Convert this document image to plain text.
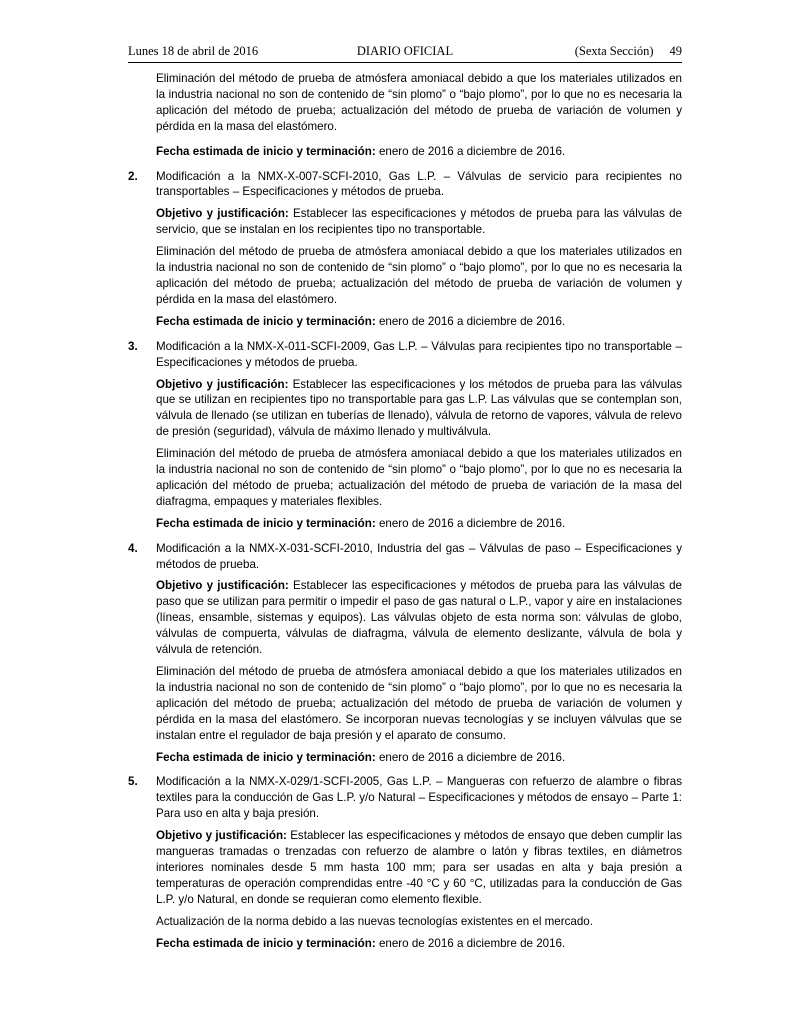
Lunes 18 de abril de 2016	DIARIO OFICIAL	(Sexta Sección) 49

Eliminación del método de prueba de atmósfera amoniacal debido a que los materiales utilizados en la industria nacional no son de contenido de “sin plomo” o “bajo plomo”, por lo que no es necesaria la aplicación del método de prueba; actualización del método de prueba de variación de volumen y pérdida en la masa del elastómero.

Fecha estimada de inicio y terminación: enero de 2016 a diciembre de 2016.

2. Modificación a la NMX-X-007-SCFI-2010, Gas L.P. – Válvulas de servicio para recipientes no transportables – Especificaciones y métodos de prueba.

Objetivo y justificación: Establecer las especificaciones y métodos de prueba para las válvulas de servicio, que se instalan en los recipientes tipo no transportable.

Eliminación del método de prueba de atmósfera amoniacal debido a que los materiales utilizados en la industria nacional no son de contenido de “sin plomo” o “bajo plomo”, por lo que no es necesaria la aplicación del método de prueba; actualización del método de prueba de variación de volumen y pérdida en la masa del elastómero.

Fecha estimada de inicio y terminación: enero de 2016 a diciembre de 2016.

3. Modificación a la NMX-X-011-SCFI-2009, Gas L.P. – Válvulas para recipientes tipo no transportable – Especificaciones y métodos de prueba.

Objetivo y justificación: Establecer las especificaciones y los métodos de prueba para las válvulas que se utilizan en recipientes tipo no transportable para gas L.P. Las válvulas que se contemplan son, válvula de llenado (se utilizan en tuberías de llenado), válvula de retorno de vapores, válvula de relevo de presión (seguridad), válvula de máximo llenado y multiválvula.

Eliminación del método de prueba de atmósfera amoniacal debido a que los materiales utilizados en la industria nacional no son de contenido de “sin plomo” o “bajo plomo”, por lo que no es necesaria la aplicación del método de prueba; actualización del método de prueba de variación de la masa del diafragma, empaques y materiales flexibles.

Fecha estimada de inicio y terminación: enero de 2016 a diciembre de 2016.

4. Modificación a la NMX-X-031-SCFI-2010, Industria del gas – Válvulas de paso – Especificaciones y métodos de prueba.

Objetivo y justificación: Establecer las especificaciones y métodos de prueba para las válvulas de paso que se utilizan para permitir o impedir el paso de gas natural o L.P., vapor y aire en instalaciones (líneas, ensamble, sistemas y equipos). Las válvulas objeto de esta norma son: válvulas de globo, válvulas de compuerta, válvulas de diafragma, válvula de elemento deslizante, válvula de bola y válvula de retención.

Eliminación del método de prueba de atmósfera amoniacal debido a que los materiales utilizados en la industria nacional no son de contenido de “sin plomo” o “bajo plomo”, por lo que no es necesaria la aplicación del método de prueba; actualización del método de prueba de variación de volumen y pérdida en la masa del elastómero. Se incorporan nuevas tecnologías y se incluyen válvulas que se instalan entre el regulador de baja presión y el aparato de consumo.

Fecha estimada de inicio y terminación: enero de 2016 a diciembre de 2016.

5. Modificación a la NMX-X-029/1-SCFI-2005, Gas L.P. – Mangueras con refuerzo de alambre o fibras textiles para la conducción de Gas L.P. y/o Natural – Especificaciones y métodos de ensayo – Parte 1: Para uso en alta y baja presión.

Objetivo y justificación: Establecer las especificaciones y métodos de ensayo que deben cumplir las mangueras tramadas o trenzadas con refuerzo de alambre o latón y fibras textiles, en diámetros interiores nominales desde 5 mm hasta 100 mm; para ser usadas en alta y baja presión a temperaturas de operación comprendidas entre -40 °C y 60 °C, utilizadas para la conducción de Gas L.P. y/o Natural, en donde se requieran como elemento flexible.

Actualización de la norma debido a las nuevas tecnologías existentes en el mercado.

Fecha estimada de inicio y terminación: enero de 2016 a diciembre de 2016.
